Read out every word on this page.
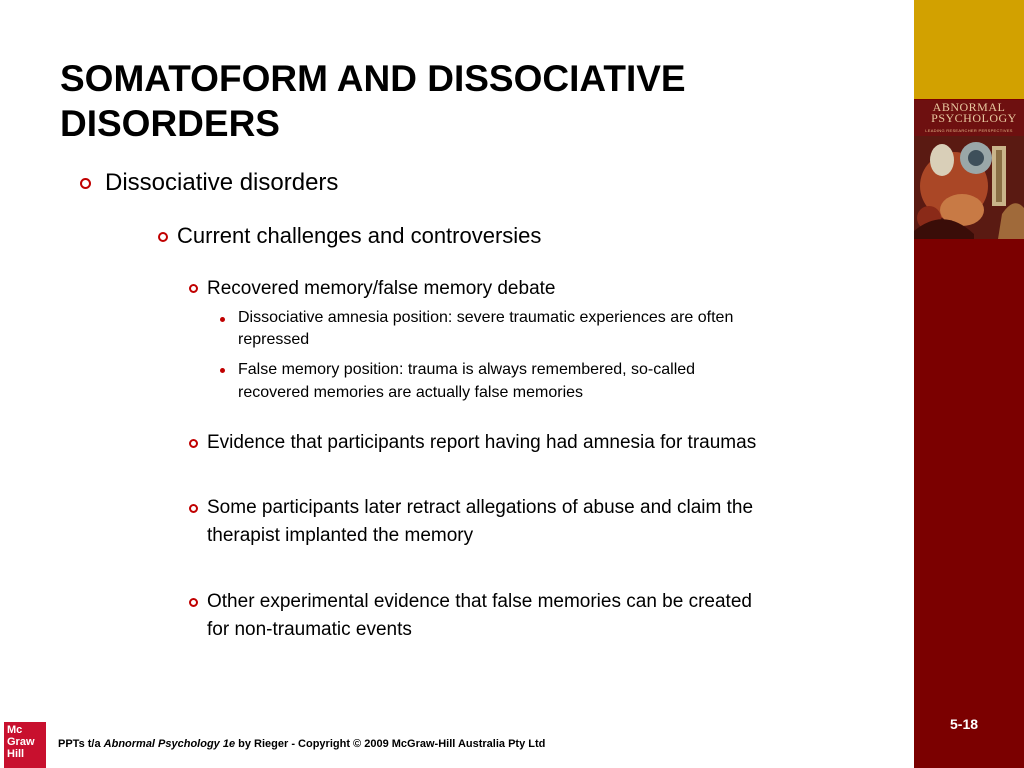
ABNORMAL
PSYCHOLOGY
LEADING RESEARCHER PERSPECTIVES
SOMATOFORM AND DISSOCIATIVE
DISORDERS
Dissociative disorders
Current challenges and controversies
Recovered memory/false memory debate
Dissociative amnesia position: severe traumatic experiences are often
repressed
False memory position: trauma is always remembered, so-called
recovered memories are actually false memories
Evidence that participants report having had amnesia for traumas
Some participants later retract allegations of abuse and claim the
therapist implanted the memory
Other experimental evidence that false memories can be created
for non-traumatic events
Mc
Graw
Hill
PPTs t/a Abnormal Psychology 1e by Rieger - Copyright © 2009 McGraw-Hill Australia Pty Ltd
5-18
